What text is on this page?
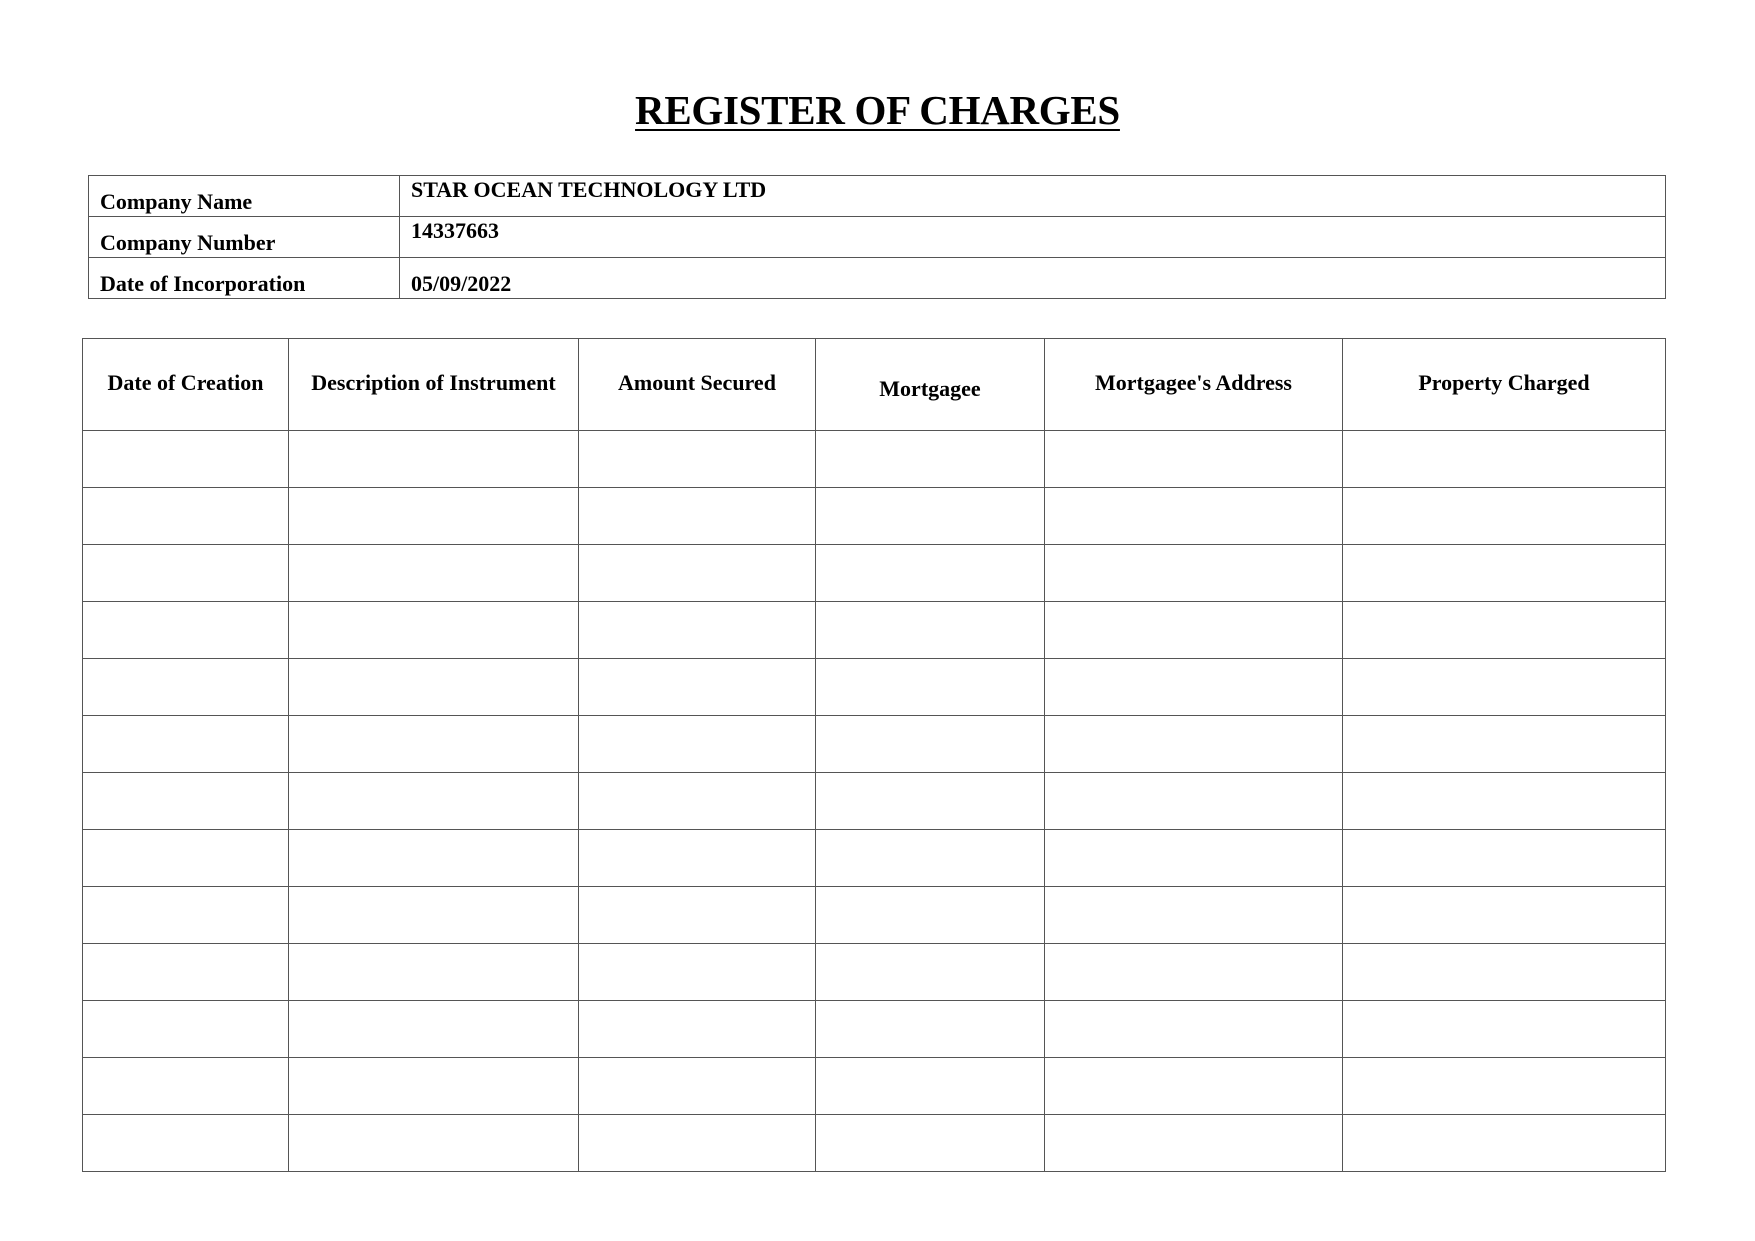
REGISTER OF CHARGES
Company Name	STAR OCEAN TECHNOLOGY LTD
Company Number	14337663
Date of Incorporation	05/09/2022
Date of Creation	Description of Instrument	Amount Secured	Mortgagee	Mortgagee's Address	Property Charged
